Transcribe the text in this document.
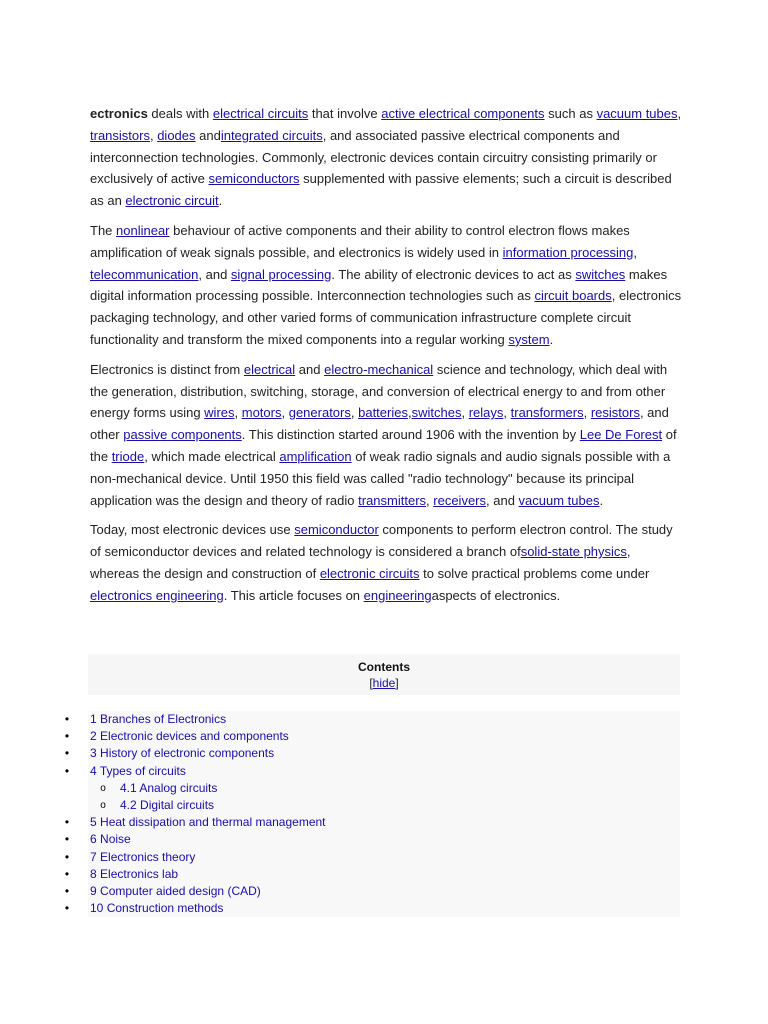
ectronics deals with electrical circuits that involve active electrical components such as vacuum tubes, transistors, diodes andintegrated circuits, and associated passive electrical components and interconnection technologies. Commonly, electronic devices contain circuitry consisting primarily or exclusively of active semiconductors supplemented with passive elements; such a circuit is described as an electronic circuit.

The nonlinear behaviour of active components and their ability to control electron flows makes amplification of weak signals possible, and electronics is widely used in information processing, telecommunication, and signal processing. The ability of electronic devices to act as switches makes digital information processing possible. Interconnection technologies such as circuit boards, electronics packaging technology, and other varied forms of communication infrastructure complete circuit functionality and transform the mixed components into a regular working system.

Electronics is distinct from electrical and electro-mechanical science and technology, which deal with the generation, distribution, switching, storage, and conversion of electrical energy to and from other energy forms using wires, motors, generators, batteries,switches, relays, transformers, resistors, and other passive components. This distinction started around 1906 with the invention by Lee De Forest of the triode, which made electrical amplification of weak radio signals and audio signals possible with a non-mechanical device. Until 1950 this field was called "radio technology" because its principal application was the design and theory of radio transmitters, receivers, and vacuum tubes.

Today, most electronic devices use semiconductor components to perform electron control. The study of semiconductor devices and related technology is considered a branch ofsolid-state physics, whereas the design and construction of electronic circuits to solve practical problems come under electronics engineering. This article focuses on engineeringaspects of electronics.

Contents
[hide]
•	1 Branches of Electronics
•	2 Electronic devices and components
•	3 History of electronic components
•	4 Types of circuits
o	4.1 Analog circuits
o	4.2 Digital circuits
•	5 Heat dissipation and thermal management
•	6 Noise
•	7 Electronics theory
•	8 Electronics lab
•	9 Computer aided design (CAD)
•	10 Construction methods
